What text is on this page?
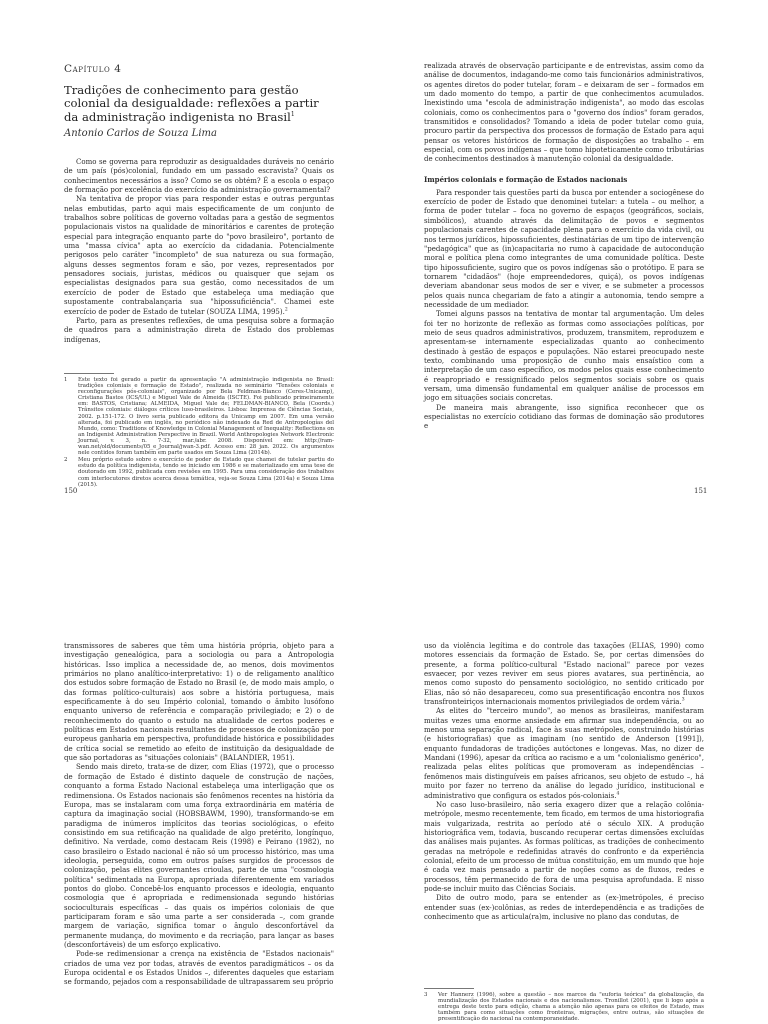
Capítulo 4

Tradições de conhecimento para gestão colonial da desigualdade: reflexões a partir da administração indigenista no Brasil$^1$

Antonio Carlos de Souza Lima

Como se governa para reproduzir as desigualdades duráveis no cenário de um país (pós)colonial, fundado em um passado escravista? Quais os conhecimentos necessários a isso? Como se os obtém? É a escola o espaço de formação por excelência do exercício da administração governamental?

Na tentativa de propor vias para responder estas e outras perguntas nelas embutidas, parto aqui mais especificamente de um conjunto de trabalhos sobre políticas de governo voltadas para a gestão de segmentos populacionais vistos na qualidade de minoritários e carentes de proteção especial para integração enquanto parte do "povo brasileiro", portanto de uma "massa cívica" apta ao exercício da cidadania. Potencialmente perigosos pelo caráter "incompleto" de sua natureza ou sua formação, alguns desses segmentos foram e são, por vezes, representados por pensadores sociais, juristas, médicos ou quaisquer que sejam os especialistas designados para sua gestão, como necessitados de um exercício de poder de Estado que estabeleça uma mediação que supostamente contrabalançaria sua "hipossuficiência". Chamei este exercício de poder de Estado de tutelar (SOUZA LIMA, 1995).$^2$

Parto, para as presentes reflexões, de uma pesquisa sobre a formação de quadros para a administração direta de Estado dos problemas indígenas,

1	Este texto foi gerado a partir da apresentação "A administração indigenista no Brasil: tradições coloniais e formação de Estado", realizada no seminário "Tensões coloniais e reconfigurações pós-coloniais", organizado por Bela Feldman-Bianco (Ceres-Unicamp), Cristiana Bastos (ICS/UL) e Miguel Vale de Almeida (ISCTE). Foi publicado primeiramente em: BASTOS, Cristiana; ALMEIDA, Miguel Vale de; FELDMAN-BIANCO, Bela (Coords.) Trânsitos coloniais: diálogos críticos luso-brasileiros. Lisboa: Imprensa de Ciências Sociais, 2002. p.151-172. O livro seria publicado editora da Unicamp em 2007. Em uma versão alterada, foi publicado em inglês, no periódico não indexado da Red de Antropologías del Mundo, como: Traditions of Knowledge in Colonial Management of Inequality: Reflections on an Indigenist Administration Perspective in Brazil. World Anthropologies Network Electronic Journal, v. 3, n. 7-32, mar./abr. 2008. Disponível em: http://ram-wan.net/old/documents/05_e_Journal/jwan-3.pdf. Acesso em: 28 jan. 2022. Os argumentos nele contidos foram também em parte usados em Souza Lima (2014b).
2	Meu próprio estudo sobre o exercício de poder de Estado que chamei de tutelar partiu do estudo da política indigenista, tendo se iniciado em 1986 e se materializado em uma tese de doutorado em 1992, publicada com revisões em 1995. Para uma consideração dos trabalhos com interlocutores diretos acerca dessa temática, veja-se Souza Lima (2014a) e Souza Lima (2015).
150

realizada através de observação participante e de entrevistas, assim como da análise de documentos, indagando-me como tais funcionários administrativos, os agentes diretos do poder tutelar, foram – e deixaram de ser – formados em um dado momento do tempo, a partir de que conhecimentos acumulados. Inexistindo uma "escola de administração indigenista", ao modo das escolas coloniais, como os conhecimentos para o "governo dos índios" foram gerados, transmitidos e consolidados? Tomando a ideia de poder tutelar como guia, procuro partir da perspectiva dos processos de formação de Estado para aqui pensar os vetores históricos de formação de disposições ao trabalho – em especial, com os povos indígenas – que tomo hipoteticamente como tributárias de conhecimentos destinados à manutenção colonial da desigualdade.

Impérios coloniais e formação de Estados nacionais

Para responder tais questões parti da busca por entender a sociogênese do exercício de poder de Estado que denominei tutelar: a tutela – ou melhor, a forma de poder tutelar – foca no governo de espaços (geográficos, sociais, simbólicos), atuando através da delimitação de povos e segmentos populacionais carentes de capacidade plena para o exercício da vida civil, ou nos termos jurídicos, hipossuficientes, destinatárias de um tipo de intervenção "pedagógica" que as (in)capacitaria no rumo à capacidade de autocondução moral e política plena como integrantes de uma comunidade política. Deste tipo hipossuficiente, sugiro que os povos indígenas são o protótipo. E para se tornarem "cidadãos" (hoje empreendedores, quiçá), os povos indígenas deveriam abandonar seus modos de ser e viver, e se submeter a processos pelos quais nunca chegariam de fato a atingir a autonomia, tendo sempre a necessidade de um mediador.

Tomei alguns passos na tentativa de montar tal argumentação. Um deles foi ter no horizonte de reflexão as formas como associações políticas, por meio de seus quadros administrativos, produzem, transmitem, reproduzem e apresentam-se internamente especializadas quanto ao conhecimento destinado à gestão de espaços e populações. Não estarei preocupado neste texto, combinando uma proposição de cunho mais ensaístico com a interpretação de um caso específico, os modos pelos quais esse conhecimento é reapropriado e ressignificado pelos segmentos sociais sobre os quais versam, uma dimensão fundamental em qualquer análise de processos em jogo em situações sociais concretas.

De maneira mais abrangente, isso significa reconhecer que os especialistas no exercício cotidiano das formas de dominação são produtores e

151

transmissores de saberes que têm uma história própria, objeto para a investigação genealógica, para a sociologia ou para a Antropologia históricas. Isso implica a necessidade de, ao menos, dois movimentos primários no plano analítico-interpretativo: 1) o de religamento analítico dos estudos sobre formação de Estado no Brasil (e, de modo mais amplo, o das formas político-culturais) aos sobre a história portuguesa, mais especificamente à do seu Império colonial, tomando o âmbito lusófono enquanto universo de referência e comparação privilegiado; e 2) o de reconhecimento do quanto o estudo na atualidade de certos poderes e políticas em Estados nacionais resultantes de processos de colonização por europeus ganharia em perspectiva, profundidade histórica e possibilidades de crítica social se remetido ao efeito de instituição da desigualdade de que são portadoras as "situações coloniais" (BALANDIER, 1951).

Sendo mais direto, trata-se de dizer, com Elias (1972), que o processo de formação de Estado é distinto daquele de construção de nações, conquanto a forma Estado Nacional estabeleça uma interligação que os redimensiona. Os Estados nacionais são fenômenos recentes na história da Europa, mas se instalaram com uma força extraordinária em matéria de captura da imaginação social (HOBSBAWM, 1990), transformando-se em paradigma de inúmeros implícitos das teorias sociológicas, o efeito consistindo em sua retificação na qualidade de algo pretérito, longínquo, definitivo. Na verdade, como destacam Reis (1998) e Peirano (1982), no caso brasileiro o Estado nacional é não só um processo histórico, mas uma ideologia, perseguida, como em outros países surgidos de processos de colonização, pelas elites governantes crioulas, parte de uma "cosmologia política" sedimentada na Europa, apropriada diferentemente em variados pontos do globo. Concebê-los enquanto processos e ideologia, enquanto cosmologia que é apropriada e redimensionada segundo histórias socioculturais específicas – das quais os impérios coloniais de que participaram foram e são uma parte a ser considerada –, com grande margem de variação, significa tomar o ângulo desconfortável da permanente mudança, do movimento e da recriação, para lançar as bases (desconfortáveis) de um esforço explicativo.

Pode-se redimensionar a crença na existência de "Estados nacionais" criados de uma vez por todas, através de eventos paradigmáticos – os da Europa ocidental e os Estados Unidos –, diferentes daqueles que estariam se formando, pejados com a responsabilidade de ultrapassarem seu próprio

uso da violência legítima e do controle das taxações (ELIAS, 1990) como motores essenciais da formação de Estado. Se, por certas dimensões do presente, a forma político-cultural "Estado nacional" parece por vezes esvaecer, por vezes reviver em seus piores avatares, sua pertinência, ao menos como suposto do pensamento sociológico, no sentido criticado por Elias, não só não desapareceu, como sua presentificação encontra nos fluxos transfronteiriços internacionais momentos privilegiados de ordem vária.$^3$

As elites do "terceiro mundo", ao menos as brasileiras, manifestaram muitas vezes uma enorme ansiedade em afirmar sua independência, ou ao menos uma separação radical, face às suas metrópoles, construindo histórias (e historiografias) que as imaginam (no sentido de Anderson [1991]), enquanto fundadoras de tradições autóctones e longevas. Mas, no dizer de Mandani (1996), apesar da crítica ao racismo e a um "colonialismo genérico", realizada pelas elites políticas que promoveram as independências – fenômenos mais distinguíveis em países africanos, seu objeto de estudo –, há muito por fazer no terreno da análise do legado jurídico, institucional e administrativo que configura os estados pós-coloniais.$^4$

No caso luso-brasileiro, não seria exagero dizer que a relação colônia-metrópole, mesmo recentemente, tem ficado, em termos de uma historiografia mais vulgarizada, restrita ao período até o século XIX. A produção historiográfica vem, todavia, buscando recuperar certas dimensões excluídas das análises mais pujantes. As formas políticas, as tradições de conhecimento geradas na metrópole e redefinidas através do confronto e da experiência colonial, efeito de um processo de mútua constituição, em um mundo que hoje é cada vez mais pensado a partir de noções como as de fluxos, redes e processos, têm permanecido de fora de uma pesquisa aprofundada. E nisso pode-se incluir muito das Ciências Sociais.

Dito de outro modo, para se entender as (ex-)metrópoles, é preciso entender suas (ex-)colônias, as redes de interdependência e as tradições de conhecimento que as articula(ra)m, inclusive no plano das condutas, de

3	Ver Hannerz (1996), sobre a questão – nos marcos da "euforia teórica" da globalização, da mundialização dos Estados nacionais e dos nacionalismos. Tronillot (2001), que li logo após a entrega deste texto para edição, chama a atenção não apenas para os efeitos de Estado, mas também para como situações como fronteiras, migrações, entre outras, são situações de presentificação do nacional na contemporaneidade.
